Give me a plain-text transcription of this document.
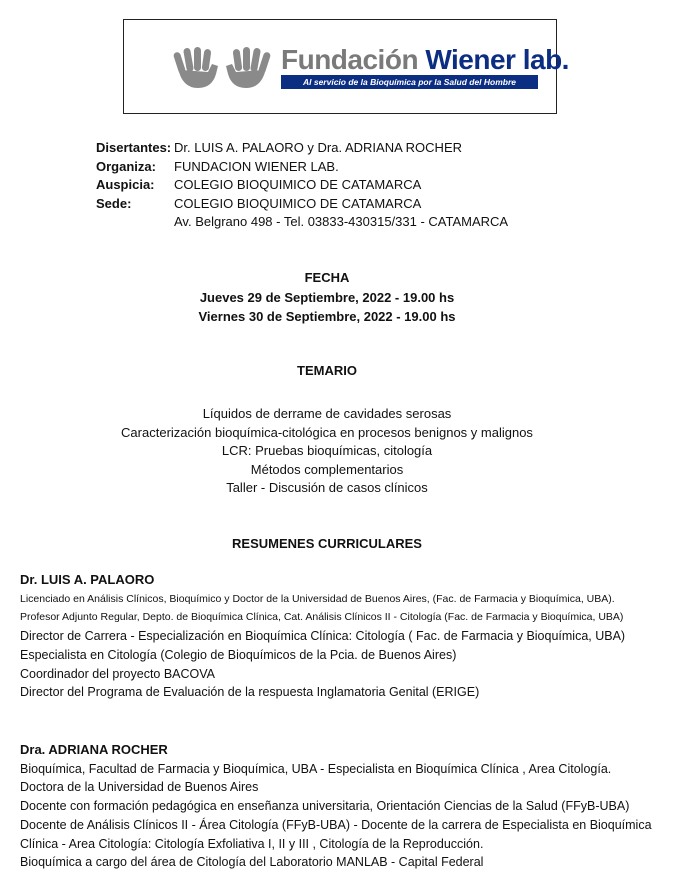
Fundación Wiener lab.
Al servicio de la Bioquímica por la Salud del Hombre
Disertantes: Dr. LUIS A. PALAORO y Dra. ADRIANA ROCHER
Organiza:	FUNDACION WIENER LAB.
Auspicia:	COLEGIO BIOQUIMICO DE CATAMARCA
Sede:	COLEGIO BIOQUIMICO DE CATAMARCA
Av. Belgrano 498 - Tel. 03833-430315/331 - CATAMARCA
FECHA
Jueves 29 de Septiembre, 2022 - 19.00 hs
Viernes 30 de Septiembre, 2022 - 19.00 hs
TEMARIO
Líquidos de derrame de cavidades serosas
Caracterización bioquímica-citológica en procesos benignos y malignos
LCR: Pruebas bioquímicas, citología
Métodos complementarios
Taller - Discusión de casos clínicos
RESUMENES CURRICULARES
Dr. LUIS A. PALAORO
Licenciado en Análisis Clínicos, Bioquímico y Doctor de la Universidad de Buenos Aires, (Fac. de Farmacia y Bioquímica, UBA).
Profesor Adjunto Regular, Depto. de Bioquímica Clínica, Cat. Análisis Clínicos II - Citología (Fac. de Farmacia y Bioquímica, UBA)
Director de Carrera - Especialización en Bioquímica Clínica: Citología ( Fac. de Farmacia y Bioquímica, UBA)
Especialista en Citología (Colegio de Bioquímicos de la Pcia. de Buenos Aires)
Coordinador del proyecto BACOVA
Director del Programa de Evaluación de la respuesta Inglamatoria Genital (ERIGE)
Dra. ADRIANA ROCHER
Bioquímica, Facultad de Farmacia y Bioquímica, UBA - Especialista en Bioquímica Clínica , Area Citología.
Doctora de la Universidad de Buenos Aires
Docente con formación pedagógica en enseñanza universitaria, Orientación Ciencias de la Salud (FFyB-UBA)
Docente de Análisis Clínicos II - Área Citología (FFyB-UBA) - Docente de la carrera de Especialista en Bioquímica
Clínica - Area Citología: Citología Exfoliativa I, II y III , Citología de la Reproducción.
Bioquímica a cargo del área de Citología del Laboratorio MANLAB - Capital Federal
